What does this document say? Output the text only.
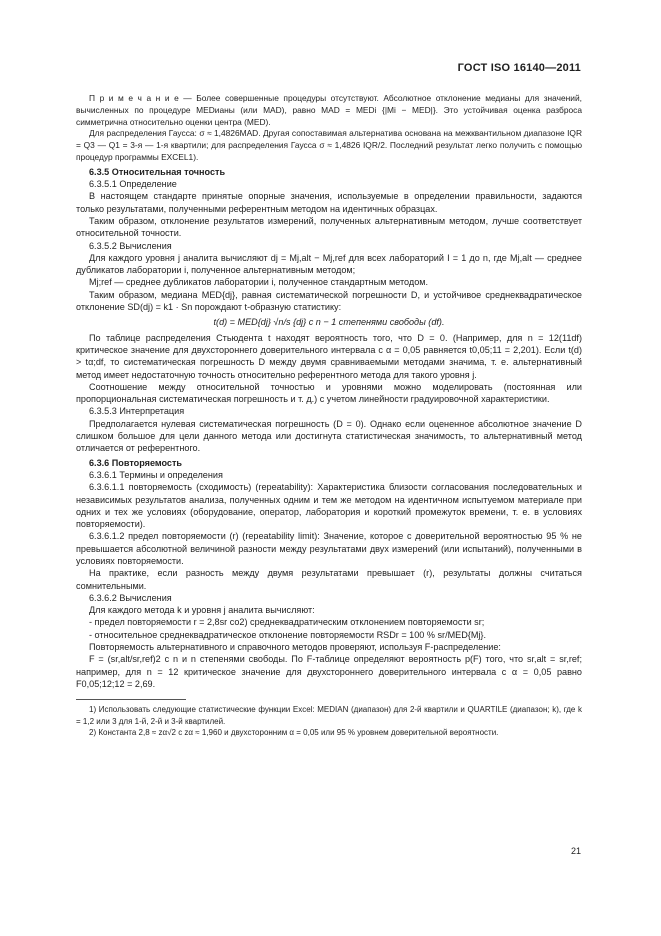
ГОСТ ISO 16140—2011

П р и м е ч а н и е — Более совершенные процедуры отсутствуют. Абсолютное отклонение медианы для значений, вычисленных по процедуре MEDианы (или MAD), равно MAD = MEDi {|Mi − MED|}. Это устойчивая оценка разброса симметрична относительно оценки центра (MED).

Для распределения Гаусса: σ ≈ 1,4826MAD. Другая сопоставимая альтернатива основана на межквантильном диапазоне IQR = Q3 — Q1 = 3-я — 1-я квартили; для распределения Гаусса σ ≈ 1,4826 IQR/2. Последний результат легко получить с помощью процедур программы EXCEL1).

6.3.5 Относительная точность

6.3.5.1 Определение

В настоящем стандарте принятые опорные значения, используемые в определении правильности, задаются только результатами, полученными референтным методом на идентичных образцах.

Таким образом, отклонение результатов измерений, полученных альтернативным методом, лучше соответствует относительной точности.

6.3.5.2 Вычисления

Для каждого уровня j аналита вычисляют dj = Mj,alt − Mj,ref для всех лабораторий I = 1 до n, где Mj,alt — среднее дубликатов лаборатории i, полученное альтернативным методом;

Mj;ref — среднее дубликатов лаборатории i, полученное стандартным методом.

Таким образом, медиана MED{dj}, равная систематической погрешности D, и устойчивое среднеквадратическое отклонение SD(dj) = k1 · Sn порождают t-образную статистику:

t(d) = MED{dj} √n/s {dj} с n − 1 степенями свободы (df).

По таблице распределения Стьюдента t находят вероятность того, что D = 0. (Например, для n = 12(11df) критическое значение для двухстороннего доверительного интервала с α = 0,05 равняется t0,05;11 = 2,201). Если t(d) > tα;df, то систематическая погрешность D между двумя сравниваемыми методами значима, т. е. альтернативный метод имеет недостаточную точность относительно референтного метода для такого уровня j.

Соотношение между относительной точностью и уровнями можно моделировать (постоянная или пропорциональная систематическая погрешность и т. д.) с учетом линейности градуировочной характеристики.

6.3.5.3 Интерпретация

Предполагается нулевая систематическая погрешность (D = 0). Однако если оцененное абсолютное значение D слишком большое для цели данного метода или достигнута статистическая значимость, то альтернативный метод отличается от референтного.

6.3.6 Повторяемость

6.3.6.1 Термины и определения

6.3.6.1.1 повторяемость (сходимость) (repeatability): Характеристика близости согласования последовательных и независимых результатов анализа, полученных одним и тем же методом на идентичном испытуемом материале при одних и тех же условиях (оборудование, оператор, лаборатория и короткий промежуток времени, т. е. в условиях повторяемости).

6.3.6.1.2 предел повторяемости (r) (repeatability limit): Значение, которое с доверительной вероятностью 95 % не превышается абсолютной величиной разности между результатами двух измерений (или испытаний), полученными в условиях повторяемости.

На практике, если разность между двумя результатами превышает (r), результаты должны считаться сомнительными.

6.3.6.2 Вычисления

Для каждого метода k и уровня j аналита вычисляют:

- предел повторяемости r = 2,8sr со2) среднеквадратическим отклонением повторяемости sr;

- относительное среднеквадратическое отклонение повторяемости RSDr = 100 % sr/MED{Mj}.

Повторяемость альтернативного и справочного методов проверяют, используя F-распределение:

F = (sr,alt/sr,ref)2 с n и n степенями свободы. По F-таблице определяют вероятность p(F) того, что sr,alt = sr,ref; например, для n = 12 критическое значение для двухстороннего доверительного интервала с α = 0,05 равно F0,05;12;12 = 2,69.

1) Использовать следующие статистические функции Excel: MEDIAN (диапазон) для 2-й квартили и QUARTILE (диапазон; k), где k = 1,2 или 3 для 1-й, 2-й и 3-й квартилей.

2) Константа 2,8 ≈ zα√2 с zα ≈ 1,960 и двухсторонним α = 0,05 или 95 % уровнем доверительной вероятности.

21
